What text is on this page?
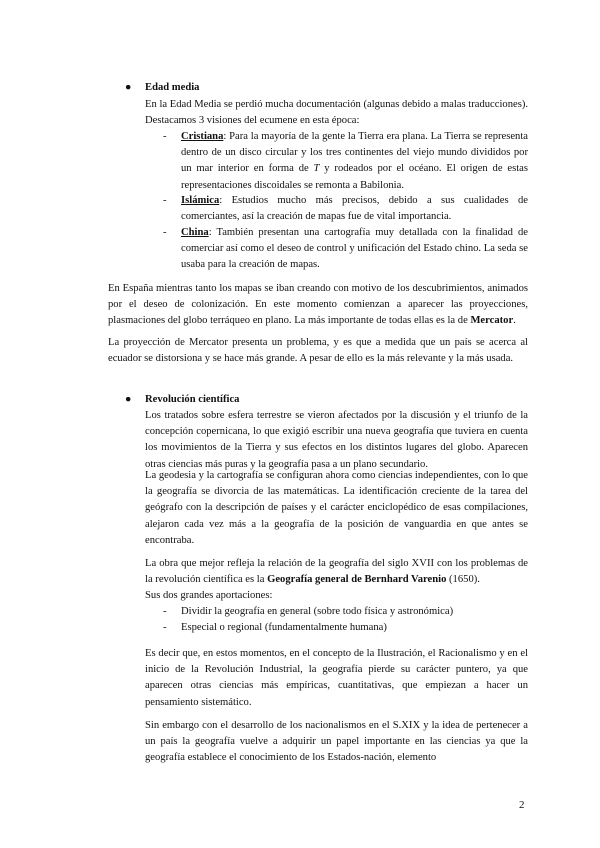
● Edad media

En la Edad Media se perdió mucha documentación (algunas debido a malas traducciones). Destacamos 3 visiones del ecumene en esta época:

- Cristiana: Para la mayoría de la gente la Tierra era plana. La Tierra se representa dentro de un disco circular y los tres continentes del viejo mundo divididos por un mar interior en forma de T y rodeados por el océano. El origen de estas representaciones discoidales se remonta a Babilonia.

- Islámica: Estudios mucho más precisos, debido a sus cualidades de comerciantes, así la creación de mapas fue de vital importancia.

- China: También presentan una cartografía muy detallada con la finalidad de comerciar así como el deseo de control y unificación del Estado chino. La seda se usaba para la creación de mapas.

En España mientras tanto los mapas se iban creando con motivo de los descubrimientos, animados por el deseo de colonización. En este momento comienzan a aparecer las proyecciones, plasmaciones del globo terráqueo en plano. La más importante de todas ellas es la de Mercator.

La proyección de Mercator presenta un problema, y es que a medida que un país se acerca al ecuador se distorsiona y se hace más grande. A pesar de ello es la más relevante y la más usada.

● Revolución científica

Los tratados sobre esfera terrestre se vieron afectados por la discusión y el triunfo de la concepción copernicana, lo que exigió escribir una nueva geografía que tuviera en cuenta los movimientos de la Tierra y sus efectos en los distintos lugares del globo. Aparecen otras ciencias más puras y la geografía pasa a un plano secundario.

La geodesia y la cartografía se configuran ahora como ciencias independientes, con lo que la geografía se divorcia de las matemáticas. La identificación creciente de la tarea del geógrafo con la descripción de países y el carácter enciclopédico de esas compilaciones, alejaron cada vez más a la geografía de la posición de vanguardia en que antes se encontraba.

La obra que mejor refleja la relación de la geografía del siglo XVII con los problemas de la revolución científica es la Geografía general de Bernhard Varenio (1650).

Sus dos grandes aportaciones:

- Dividir la geografía en general (sobre todo física y astronómica)

- Especial o regional (fundamentalmente humana)

Es decir que, en estos momentos, en el concepto de la Ilustración, el Racionalismo y en el inicio de la Revolución Industrial, la geografía pierde su carácter puntero, ya que aparecen otras ciencias más empíricas, cuantitativas, que empiezan a hacer un pensamiento sistemático.

Sin embargo con el desarrollo de los nacionalismos en el S.XIX y la idea de pertenecer a un país la geografía vuelve a adquirir un papel importante en las ciencias ya que la geografía establece el conocimiento de los Estados-nación, elemento

2
